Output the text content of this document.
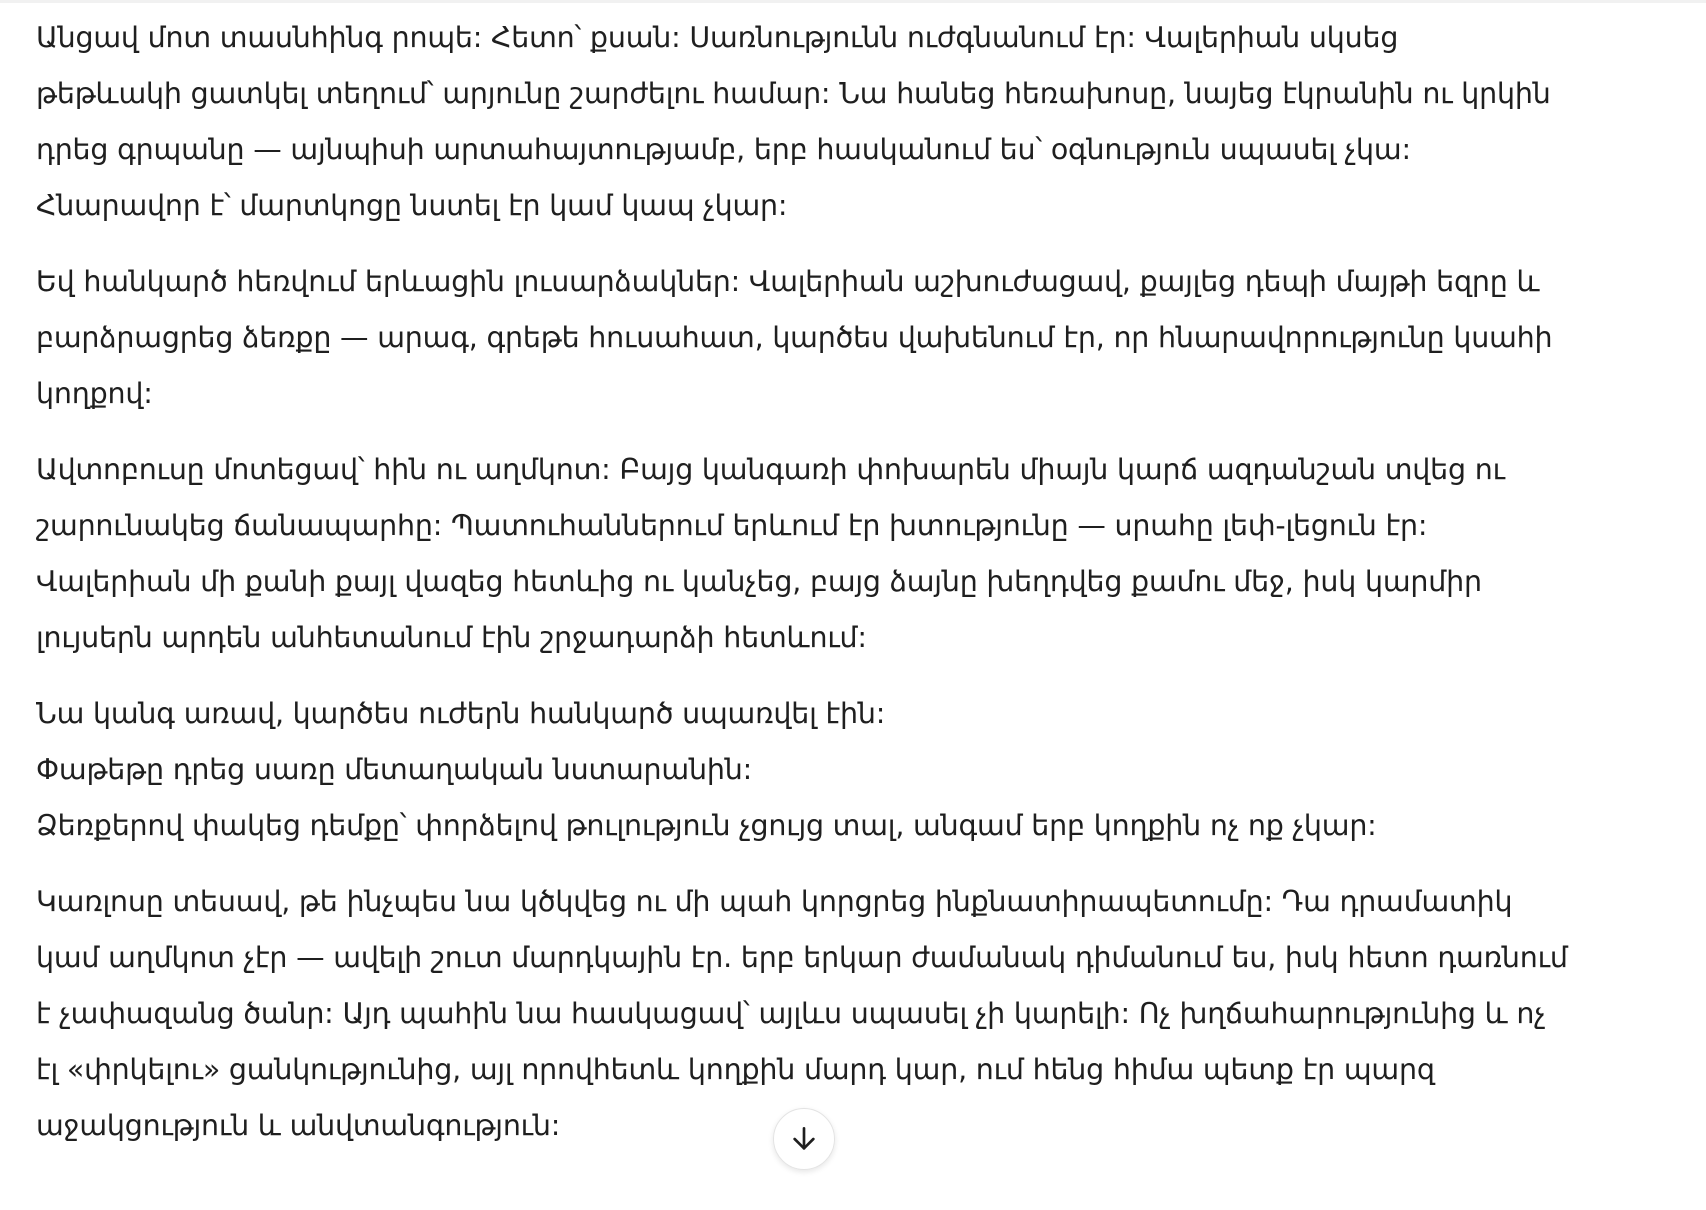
Անցավ մոտ տասնհինգ րոպե: Հետո՝ քսան: Սառնությունն ուժգնանում էր: Վալերիան սկսեց
թեթևակի ցատկել տեղում՝ արյունը շարժելու համար: Նա հանեց հեռախոսը, նայեց էկրանին ու կրկին
դրեց գրպանը — այնպիսի արտահայտությամբ, երբ հասկանում ես՝ օգնություն սպասել չկա:
Հնարավոր է՝ մարտկոցը նստել էր կամ կապ չկար:

Եվ հանկարծ հեռվում երևացին լուսարձակներ: Վալերիան աշխուժացավ, քայլեց դեպի մայթի եզրը և
բարձրացրեց ձեռքը — արագ, գրեթե հուսահատ, կարծես վախենում էր, որ հնարավորությունը կսահի
կողքով:

Ավտոբուսը մոտեցավ՝ հին ու աղմկոտ: Բայց կանգառի փոխարեն միայն կարճ ազդանշան տվեց ու
շարունակեց ճանապարհը: Պատուհաններում երևում էր խտությունը — սրահը լեփ-լեցուն էր:
Վալերիան մի քանի քայլ վազեց հետևից ու կանչեց, բայց ձայնը խեղդվեց քամու մեջ, իսկ կարմիր
լույսերն արդեն անհետանում էին շրջադարձի հետևում:

Նա կանգ առավ, կարծես ուժերն հանկարծ սպառվել էին:
Փաթեթը դրեց սառը մետաղական նստարանին:
Ձեռքերով փակեց դեմքը՝ փորձելով թուլություն չցույց տալ, անգամ երբ կողքին ոչ ոք չկար:

Կառլոսը տեսավ, թե ինչպես նա կծկվեց ու մի պահ կորցրեց ինքնատիրապետումը: Դա դրամատիկ
կամ աղմկոտ չէր — ավելի շուտ մարդկային էր. երբ երկար ժամանակ դիմանում ես, իսկ հետո դառնում
է չափազանց ծանր: Այդ պահին նա հասկացավ՝ այլևս սպասել չի կարելի: Ոչ խղճահարությունից և ոչ
էլ «փրկելու» ցանկությունից, այլ որովհետև կողքին մարդ կար, ում հենց հիմա պետք էր պարզ
աջակցություն և անվտանգություն:
